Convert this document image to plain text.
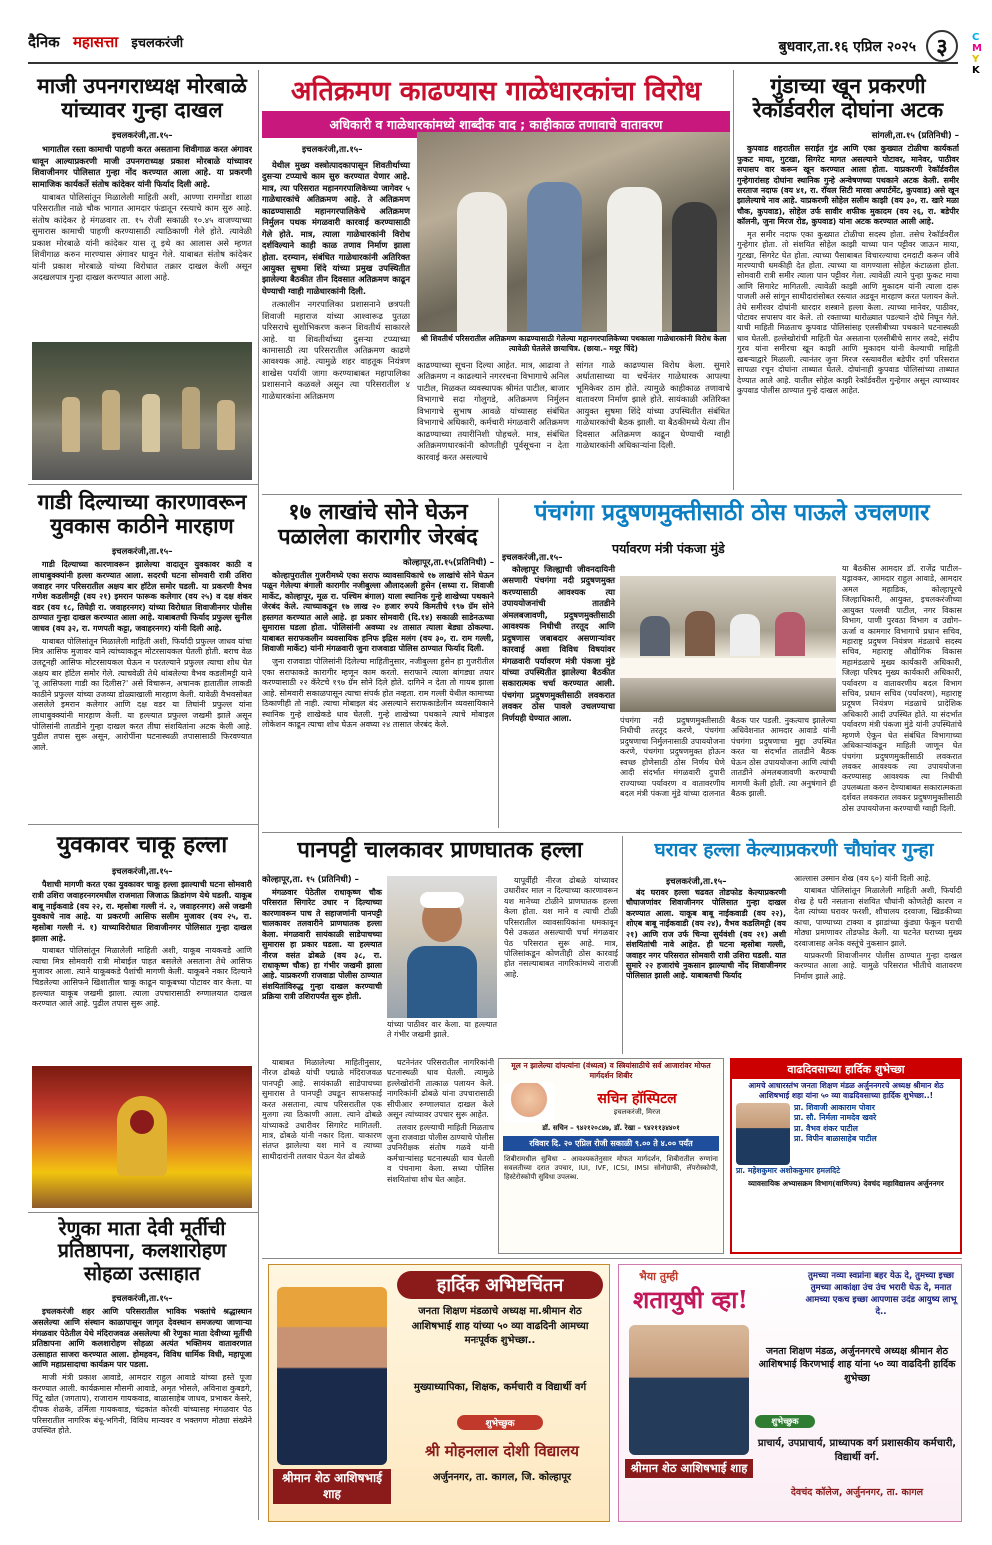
दैनिक महासत्ता इचलकरंजी	बुधवार,ता.१६ एप्रिल २०२५ ३	C
M
Y
K
माजी उपनगराध्यक्ष मोरबाळे यांच्यावर गुन्हा दाखल
इचलकरंजी,ता.१५–

भागातील रस्ता कामाची पाहणी करत असताना शिवीगाळ करत अंगावर धावून आल्याप्रकरणी माजी उपनगराध्यक्ष प्रकाश मोरबाळे यांच्यावर शिवाजीनगर पोलिसात गुन्हा नोंद करण्यात आला आहे. या प्रकरणी सामाजिक कार्यकर्ते संतोष कांदेकर यांनी फिर्याद दिली आहे.

याबाबत पोलिसांतून मिळालेली माहिती अशी, आण्णा रामगोंडा शाळा परिसरातील नाळे चौक भागात आमदार फंडातून रस्त्याचे काम सुरु आहे. संतोष कांदेकर हे मंगळवार ता. १५ रोजी सकाळी १०.४५ वाजण्याच्या सुमारास कामाची पाहणी करण्यासाठी त्याठिकाणी गेले होते. त्यावेळी प्रकाश मोरबाळे यांनी कांदेकर यास तू इथे का आलास असे म्हणत शिवीगाळ करुन मारण्यास अंगावर धावून गेले. याबाबत संतोष कांदेकर यांनी प्रकाश मोरबाळे यांच्या विरोधात तक्रार दाखल केली असून अदखलपात्र गुन्हा दाखल करण्यात आला आहे.

अतिक्रमण काढण्यास गाळेधारकांचा विरोध
अधिकारी व गाळेधारकांमध्ये शाब्दीक वाद ; काहीकाळ तणावाचे वातावरण
इचलकरंजी,ता.१५–

येथील मुख्य वस्त्रोत्पादकापासून शिवतीर्थाच्या दुसऱ्या टप्प्याचे काम सुरु करण्यात येणार आहे. मात्र, त्या परिसरात महानगरपालिकेच्या जागेवर ५ गाळेधारकांचे अतिक्रमण आहे. ते अतिक्रमण काढण्यासाठी महानगरपालिकेचे अतिक्रमण निर्मुलन पथक मंगळवारी कारवाई करण्यासाठी गेले होते. मात्र, त्याला गाळेधारकांनी विरोध दर्शविल्याने काही काळ तणाव निर्माण झाला होता. दरम्यान, संबंधित गाळेधारकांनी अतिरिक्त आयुक्त सुषमा शिंदे यांच्या प्रमुख उपस्थितीत झालेल्या बैठकीत तीन दिवसात अतिक्रमण काढून घेण्याची ग्वाही गाळेधारकांनी दिली.

तत्कालीन नगरपालिका प्रशासनाने छत्रपती शिवाजी महाराज यांच्या आश्वारूढ पुतळा परिसराचे सुशोभिकरण करून शिवतीर्थ साकारले आहे. या शिवतीर्थाच्या दुसऱ्या टप्प्याच्या कामासाठी त्या परिसरातील अतिक्रमण काढणे आवश्यक आहे. त्यामुळे शहर वाहतूक नियंत्रण शाखेस पर्यायी जागा करण्याबाबत महापालिका प्रशासनाने कळवले असून त्या परिसरातील ४ गाळेधारकांना अतिक्रमण

श्री शिवतीर्थ परिसरातील अतिक्रमण काढण्यासाठी गेलेल्या महानगरपालिकेच्या पथकाला गाळेधारकांनी विरोध केला त्यावेळी घेतलेले छायाचित्र. (छाया.– मयूर चिंदे)

काढण्याच्या सूचना दिल्या आहेत. मात्र, आढावा ते अतिक्रमण न काढल्याने नगररचना विभागाचे अनिल पाटील, मिळकत व्यवस्थापक श्रीमंत पाटील, बाजार विभागाचे सदा गोलुगडे, अतिक्रमण निर्मुलन विभागाचे सुभाष आवळे यांच्यासह संबंधित विभागाचे अधिकारी, कर्मचारी मंगळवारी अतिक्रमण काढण्याच्या तयारीनिशी पोहचले. मात्र, संबंधित अतिक्रमणधारकांनी कोणतीही पूर्वसूचना न देता कारवाई करत असल्याचे

सांगत गाळे काढण्यास विरोध केला. सुमारे अर्धातासाच्या या चर्चेनंतर गाळेधारक आपल्या भूमिकेवर ठाम होते. त्यामुळे काहीकाळ तणावाचे वातावरण निर्माण झाले होते. सायंकाळी अतिरिक्त आयुक्त सुषमा शिंदे यांच्या उपस्थितीत संबंधित गाळेधारकांची बैठक झाली. या बैठकीमध्ये येत्या तीन दिवसात अतिक्रमण काढून घेण्याची ग्वाही गाळेधारकांनी अधिकाऱ्यांना दिली.

गुंडाच्या खून प्रकरणी रेकॉर्डवरील दोघांना अटक
सांगली,ता.१५ (प्रतिनिधी) –

कुपवाड शहरातील सराईत गुंड आणि एका कुख्यात टोळीचा कार्यकर्ता फुकट माया, गुटखा, सिगरेट मागत असल्याने पोटावर, मानेवर, पाठीवर सपासप वार करून खून करण्यात आला होता. याप्रकरणी रेकॉर्डवरील गुन्हेगारांसह दोघांना स्थानिक गुन्हे अन्वेषणच्या पथकाने अटक केली. समीर सरताज नदाफ (वय ४१, रा. रॉयल सिटी मारवा अपार्टमेंट, कुपवाड) असे खून झालेल्याचे नाव आहे. याप्रकरणी सोहेल सलीम काझी (वय ३०, रा. खारे मळा चौक, कुपवाड), सोहेल उर्फ सावीर शफीक मुकादम (वय २६, रा. बडेपीर कॉलनी, जुना मिरज रोड, कुपवाड) यांना अटक करण्यात आली आहे.

मृत समीर नदाफ एका कुख्यात टोळीचा सदस्य होता. तसेच रेकॉर्डवरील गुन्हेगार होता. तो संशयित सोहेल काझी याच्या पान पट्टीवर जाऊन माया, गुटखा, सिगरेट घेत होता. त्याच्या पैसाबाबत विचारल्याचा दमदाटी करून जीवे मारण्याची धमकीही देत होता. त्याच्या या वागण्याला सोहेल कंटाळला होता. सोमवारी रात्री समीर त्याला पान पट्टीवर गेला. त्यावेळी त्याने पुन्हा फुकट माया आणि सिगारेट मागितली. त्यावेळी काझी आणि मुकादम यांनी त्याला दारू पाजली असे सांगून साथीदारांसोबत रस्त्यात अडवून मारहाण करत पलायन केले. तेथे समीरवर दोघांनी धारदार शस्त्राने हल्ला केला. त्याच्या मानेवर, पाठीवर, पोटावर सपासप वार केले. तो रक्ताच्या थारोळ्यात पडल्याने दोघे निघून गेले. याची माहिती मिळताच कुपवाड पोलिसांसह एलसीबीच्या पथकाने घटनास्थळी धाव घेतली. हल्लेखोरांची माहिती घेत असताना एलसीबीचे सागर लवटे, संदीप गुरव यांना समीरचा खून काझी आणि मुकादम यांनी केल्याची माहिती खबऱ्याद्वारे मिळाली. त्यानंतर जुना मिरज रस्त्यावरील बडेपीर दर्गा परिसरात सापळा रचून दोघांना ताब्यात घेतले. दोघांनाही कुपवाड पोलिसांच्या ताब्यात देण्यात आले आहे. यातील सोहेल काझी रेकॉर्डवरील गुन्हेगार असून त्याच्यावर कुपवाड पोलीस ठाण्यात गुन्हे दाखल आहेत.

गाडी दिल्याच्या कारणावरून युवकास काठीने मारहाण
इचलकरंजी,ता.१५–

गाडी दिल्याच्या कारणावरून झालेल्या वादातून युवकावर काठी व लाथाबुक्क्यांनी हल्ला करण्यात आला. सदरची घटना सोमवारी रात्री उशिरा जवाहर नगर परिसरातील अक्षय बार हॉटेल समोर घडली. या प्रकरणी वैभव गणेश कडलीमट्टी (वय २१) इमरान फारूक कलेगार (वय २५) व दक्ष शंकर वडर (वय १८, तिघेही रा. जवाहरनगर) यांच्या विरोधात शिवाजीनगर पोलीस ठाण्यात गुन्हा दाखल करण्यात आला आहे. याबाबतची फिर्याद प्रफुल्ल सुनील जाधव (वय ३२, रा. गणपती कट्टा, जवाहरनगर) यांनी दिली आहे.

याबाबत पोलिसांतून मिळालेली माहिती अशी, फिर्यादी प्रफुल्ल जाधव यांचा मित्र आसिफ मुजावर याने त्यांच्याकडून मोटरसायकल घेतली होती. बराच वेळ उलटूनही आसिफ मोटरसायकल घेऊन न परतल्याने प्रफुल्ल त्याचा शोध घेत अक्षय बार हॉटेल समोर गेले. त्याचवेळी तेथे थांबलेल्या वैभव कडलीमट्टी याने 'तू आसिफला गाडी का दिलीस?' असे विचारून, अचानक हातातील लाकडी काठीने प्रफुल्ल यांच्या उजव्या डोळ्याखाली मारहाण केली. यावेळी वैभवसोबत असलेले इमरान कलेगार आणि दक्ष वडर या तिघांनी प्रफुल्ल यांना लाथाबुक्क्यांनी मारहाण केली. या हल्ल्यात प्रफुल्ल जखमी झाले असून पोलिसांनी तातडीने गुन्हा दाखल करत तीघा संशयितांना अटक केली आहे. पुढील तपास सुरू असून, आरोपींना घटनास्थळी तपासासाठी फिरवण्यात आले.

१७ लाखांचे सोने घेऊन पळालेला कारागीर जेरबंद
कोल्हापूर,ता.१५(प्रतिनिधी) –

कोल्हापुरातील गुजरीमध्ये एका सराफ व्यावसायिकाचे १७ लाखांचे सोने घेऊन पळून गेलेल्या बंगाली कारागीर नजीबुल्ला औलादअली हुसेन (सध्या रा. शिवाजी मार्केट, कोल्हापूर, मूळ रा. पश्चिम बंगाल) याला स्थानिक गुन्हे शाखेच्या पथकाने जेरबंद केले. त्याच्याकडून १७ लाख २० हजार रुपये किमतीचे १९७ ग्रॅम सोने हस्तगत करण्यात आले आहे. हा प्रकार सोमवारी (दि.१४) सकाळी साडेनऊच्या सुमारास घडला होता. पोलिसांनी अवघ्या २४ तासात त्याला बेड्या ठोकल्या. याबाबत सराफकलीन व्यवसायिक हनिफ इद्रिस मलंग (वय ३०, रा. राम गल्ली, शिवाजी मार्केट) यांनी मंगळवारी जुना राजवाडा पोलिस ठाण्यात फिर्याद दिली.

जुना राजवाडा पोलिसांनी दिलेल्या माहितीनुसार, नजीबुल्ला हुसेन हा गुजरीतील एका सराफाकडे कारागीर म्हणून काम करतो. सराफाने त्याला बांगड्या तयार करण्यासाठी २२ कॅरेटचे १९७ ग्रॅम सोने दिले होते. दागिने न देता तो गायब झाला आहे. सोमवारी सकाळपासून त्याचा संपर्क होत नव्हता. राम गल्ली येथील कामाच्या ठिकाणीही तो नाही. त्याचा मोबाइल बंद असल्याने सराफकाडेलीन व्यवसायिकाने स्थानिक गुन्हे शाखेकडे धाव घेतली. गुन्हे शाखेच्या पथकाने त्याचे मोबाइल लोकेशन काढून त्याचा शोध घेऊन अवघ्या २४ तासात जेरबंद केले.

पंचगंगा प्रदुषणमुक्तीसाठी ठोस पाऊले उचलणार
पर्यावरण मंत्री पंकजा मुंडे
इचलकरंजी,ता.१५–

कोल्हापूर जिल्ह्याची जीवनदायिनी असणारी पंचगंगा नदी प्रदुषणमुक्त करण्यासाठी आवश्यक त्या उपाययोजनांची तातडीने अंमलबजावणी, प्रदुषणमुक्तीसाठी आवश्यक निधीची तरतूद आणि प्रदुषणास जबाबदार असणाऱ्यांवर कारवाई अशा विविध विषयांवर मंगळवारी पर्यावरण मंत्री पंकजा मुंडे यांच्या उपस्थितीत झालेल्या बैठकीत सकारात्मक चर्चा करण्यात आली. पंचगंगा प्रदुषणमुक्तीसाठी लवकरात लवकर ठोस पावले उचलण्याचा निर्णयही घेण्यात आला.	पंचगंगा नदी प्रदुषणमुक्तीसाठी निधीची तरतूद करणे, पंचगंगा प्रदुषणाचा निर्मुलनासाठी उपाययोजना करणे, पंचगंगा प्रदुषणमुक्त होऊन स्वच्छ होणेसाठी ठोस निर्णय घेणे आदी संदर्भात मंगळवारी दुपारी राज्याच्या पर्यावरण व वातावरणीय बदल मंत्री पंकजा मुंडे यांच्या दालनात बैठक पार पडली. नुकत्याच झालेल्या अधिवेशनात आमदार आवाडे यांनी पंचगंगा प्रदुषणाचा मुद्दा उपस्थित करत या संदर्भात तातडीने बैठक घेऊन ठोस उपाययोजना आणि त्यांची तातडीने अंमलबजावणी करण्याची मागणी केली होती. त्या अनुषंगाने ही बैठक झाली.

या बैठकीस आमदार डॉ. राजेंद्र पाटील–यड्रावकर, आमदार राहुल आवाडे, आमदार अमल महाडिक, कोल्हापूरचे जिल्हाधिकारी, आयुक्त, इचलकरंजीच्या आयुक्त पल्लवी पाटील, नगर विकास विभाग, पाणी पुरवठा विभाग व उद्योग–ऊर्जा व कामगार विभागाचे प्रधान सचिव, महाराष्ट्र प्रदुषण नियंत्रण मंडळाचे सदस्य सचिव, महाराष्ट्र औद्योगिक विकास महामंडळाचे मुख्य कार्यकारी अधिकारी, जिल्हा परिषद मुख्य कार्यकारी अधिकारी, पर्यावरण व वातावरणीय बदल विभाग सचिव, प्रधान सचिव (पर्यावरण), महाराष्ट्र प्रदूषण नियंत्रण मंडळाचे प्रादेशिक अधिकारी आदी उपस्थित होते. या संदर्भात पर्यावरण मंत्री पंकजा मुंडे यांनी उपस्थितांचे म्हणणे ऐकून घेत संबंधित विभागाच्या अधिकाऱ्यांकडून माहिती जाणून घेत पंचगंगा प्रदुषणमुक्तीसाठी लवकरात लवकर आवश्यक त्या उपाययोजना करण्यासह आवश्यक त्या निधीची उपलब्धता करुन देण्याबाबत सकारात्मकता दर्शवत लवकरात लवकर प्रदुषणमुक्तीसाठी ठोस उपाययोजना करण्याची ग्वाही दिली.

युवकावर चाकू हल्ला
इचलकरंजी,ता.१५–

पैशाची मागणी करत एका युवकावर चाकू हल्ला झाल्याची घटना सोमवारी रात्री उशिरा जवाहरनगरमधील राजमाता जिजाऊ क्रिडांगण येथे घडली. याकूब बाबू नाईकवाडे (वय २२, रा. म्हसोबा गल्ली नं. २, जवाहरनगर) असे जखमी युवकाचे नाव आहे. या प्रकरणी आसिफ सलीम मुजावर (वय २५, रा. म्हसोबा गल्ली नं. १) याच्याविरोधात शिवाजीनगर पोलिसात गुन्हा दाखल झाला आहे.

याबाबत पोलिसांतून मिळालेली माहिती अशी, याकूब नायकवडे आणि त्याचा मित्र सोमवारी रात्री मोबाईल पाहत बसलेले असताना तेथे आसिफ मुजावर आला. त्याने याकूबकडे पैशांची मागणी केली. याकूबने नकार दिल्याने चिडलेल्या आसिफने खिशातील चाकू काढून याकूबच्या पोटावर वार केला. या हल्ल्यात याकूब जखमी झाला. त्याला उपचारासाठी रुग्णालयात दाखल करण्यात आले आहे. पुढील तपास सुरू आहे.

रेणुका माता देवी मूर्तीची प्रतिष्ठापना, कलशारोहण सोहळा उत्साहात
इचलकरंजी,ता.१५–

इचलकरंजी शहर आणि परिसरातील भाविक भक्तांचे श्रद्धास्थान असलेल्या आणि संस्थान काळापासून जागृत देवस्थान समजल्या जाणाऱ्या मंगळवार पेठेतील येथे मंदिराजवळ असलेल्या श्री रेणुका माता देवीच्या मूर्तीची प्रतिष्ठापना आणि कलशारोहण सोहळा अत्यंत भक्तिमय वातावरणात उत्साहात साजरा करण्यात आला. होमहवन, विविध धार्मिक विधी, महापूजा आणि महाप्रसादाचा कार्यक्रम पार पडला.

माजी मंत्री प्रकाश आवाडे, आमदार राहुल आवाडे यांच्या हस्ते पूजा करण्यात आली. कार्यक्रमास मौसमी आवाडे, अमृत भोसले, अविनाश कुबडगे, पिंटू खोत (जगताप), राजाराम गायकवाड, बाळासाहेब जाधव, प्रभाकर केसरे, दीपक शेळके, उर्मिला गायकवाड, चंद्रकांत कोरवी यांच्यासह मंगळवार पेठ परिसरातील नागरिक बंधू-भगिनी, विविध मान्यवर व भक्तगण मोठ्या संख्येने उपस्थित होते.

पानपट्टी चालकावर प्राणघातक हल्ला
कोल्हापूर,ता. १५ (प्रतिनिधी) –

मंगळवार पेठेतील राधाकृष्ण चौक परिसरात सिगारेट उधार न दिल्याच्या कारणावरून पाच ते सहाजणांनी पानपट्टी चालकावर तलवारीने प्राणघातक हल्ला केला. मंगळवारी सायंकाळी साडेपाचच्या सुमारास हा प्रकार घडला. या हल्ल्यात नीरज वसंत ढोबळे (वय ३८, रा. राधाकृष्ण चौक) हा गंभीर जखमी झाला आहे. याप्रकरणी राजवाडा पोलीस ठाण्यात संशयितांविरुद्ध गुन्हा दाखल करण्याची प्रक्रिया रात्री उशिरापर्यंत सुरू होती.

यांच्या पाठीवर वार केला. या हल्ल्यात ते गंभीर जखमी झाले.

यापूर्वीही नीरज ढोबळे यांच्यावर उधारीवर माल न दिल्याच्या कारणावरून यश मानेच्या टोळीने प्राणघातक हल्ला केला होता. यश माने व त्याची टोळी परिसरातील व्यावसायिकांना धमकावून पैसे उकळत असल्याची चर्चा मंगळवार पेठ परिसरात सुरू आहे. मात्र, पोलिसांकडून कोणतीही ठोस कारवाई होत नसल्याबाबत नागरिकांमध्ये नाराजी आहे.

याबाबत मिळालेल्या माहितीनुसार, नीरज ढोबळे यांची पद्माळे मंदिराजवळ पानपट्टी आहे. सायंकाळी साडेपाचच्या सुमारास ते पानपट्टी उघडून साफसफाई करत असताना, त्याच परिसरातील एक मुलगा त्या ठिकाणी आला. त्याने ढोबळे यांच्याकडे उधारीवर सिगारेट मागितली. मात्र, ढोबळे यांनी नकार दिला. याकारण संतप्त झालेल्या यश माने व त्याच्या साथीदारांनी तलवार घेऊन येत ढोबळे

घटनेनंतर परिसरातील नागरिकांनी घटनास्थळी धाव घेतली. त्यामुळे हल्लेखोरांनी तात्काळ पलायन केले. नागरिकांनी ढोबळे यांना उपचारासाठी सीपीआर रुग्णालयात दाखल केले असून त्यांच्यावर उपचार सुरू आहेत.

तलवार हल्ल्याची माहिती मिळताच जुना राजवाडा पोलीस ठाण्याचे पोलीस उपनिरीक्षक संतोष गळवे यांनी कर्मचाऱ्यांसह घटनास्थळी धाव घेतली व पंचनामा केला. सध्या पोलिस संशयितांचा शोध घेत आहेत.

घरावर हल्ला केल्याप्रकरणी चौघांवर गुन्हा
इचलकरंजी,ता.१५–

बंद घरावर हल्ला चढवत तोडफोड केल्याप्रकरणी चौघाजणांवर शिवाजीनगर पोलिसात गुन्हा दाखल करण्यात आला. याकूब बाबू नाईकवाडी (वय २२), शोएब बाबू नाईकवाडी (वय २४), वैभव कडलिमट्टी (वय २१) आणि राज उर्फ चिन्या सुर्यवंशी (वय २१) अशी संशयितांची नावे आहेत. ही घटना म्हसोबा गल्ली, जवाहर नगर परिसरात सोमवारी रात्री उशिरा घडली. यात सुमारे २२ हजारांचे नुकसान झाल्याची नोंद शिवाजीनगर पोलिसात झाली आहे. याबाबतची फिर्याद

आल्लास उस्मान शेख (वय ६०) यांनी दिली आहे.

याबाबत पोलिसांतून मिळालेली माहिती अशी, फिर्यादी शेख हे घरी नसताना संशयित चौघांनी कोणतेही कारण न देता त्यांच्या घरावर फरशी, शौचालय दरवाजा, खिडकीच्या काचा, पाण्याच्या टाक्या व झाडांच्या कुंड्या फेकून घराची मोठ्या प्रमाणावर तोडफोड केली. या घटनेत घराच्या मुख्य दरवाजासह अनेक वस्तूंचे नुकसान झाले.

याप्रकरणी शिवाजीनगर पोलीस ठाण्यात गुन्हा दाखल करण्यात आला आहे. यामुळे परिसरात भीतीचे वातावरण निर्माण झाले आहे.

मूल न झालेल्या दांपत्यांना (वंध्यत्व) व स्त्रियांसाठीचे सर्व आजारांवर मोफत मार्गदर्शन शिबीर
सचिन हॉस्पिटल
इचलकरंजी, मिरज
डॉ. सचिन – ९४२१२०८४७, डॉ. रेखा – ९४२११३४४०१
रविवार दि. २० एप्रिल रोजी सकाळी ९.०० ते ४.०० पर्यंत
शिबीरामधील सुविधा – आवश्यकतेनुसार मोफत मार्गदर्शन, शिबीरातील रुग्णांना सवलतीच्या दरात उपचार, IUI, IVF, ICSI, IMSI सोनोग्राफी, लॅपरोस्कोपी, हिस्टेरोस्कोपी सुविधा उपलब्ध.
वाढदिवसाच्या हार्दिक शुभेच्छा
आमचे आधारस्तंभ जनता शिक्षण मंडळ अर्जुननगरचे अध्यक्ष श्रीमान शेठ आशिषभाई शहा यांना ५० व्या वाढदिवसाच्या हार्दिक शुभेच्छा..!
प्रा. शिवाजी आकाराम पोवार
प्रा. सौ. निर्मला नामदेव खवरे
प्रा. वैभव शंकर पाटील
प्रा. विपीन बाळासाहेब पाटील
प्रा. महेशकुमार अशोककुमार हमलदिटे
व्यावसायिक अभ्यासक्रम विभाग(वाणिज्य) देवचंद महाविद्यालय अर्जुननगर
हार्दिक अभिष्टचिंतन
जनता शिक्षण मंडळाचे अध्यक्ष मा.श्रीमान शेठ आशिषभाई शाह यांच्या ५० व्या वाढदिनी आमच्या मनःपूर्वक शुभेच्छा..
मुख्याध्यापिका, शिक्षक, कर्मचारी व विद्यार्थी वर्ग
शुभेच्छुक
श्रीमान शेठ आशिषभाई शाह
श्री मोहनलाल दोशी विद्यालय
अर्जुननगर, ता. कागल, जि. कोल्हापूर
भैया तुम्ही
शतायुषी व्हा!
तुमच्या नव्या स्वप्नांना बहर येऊ दे, तुमच्या इच्छा तुमच्या आकांक्षा उंच उंच भरारी घेऊ दे, मनात आमच्या एकच इच्छा आपणास उदंड आयुष्य लाभू दे..
जनता शिक्षण मंडळ, अर्जुननगरचे अध्यक्ष श्रीमान शेठ आशिषभाई किरणभाई शाह यांना ५० व्या वाढदिनी हार्दिक शुभेच्छा
शुभेच्छुक
श्रीमान शेठ आशिषभाई शाह
प्राचार्य, उपप्राचार्य, प्राध्यापक वर्ग प्रशासकीय कर्मचारी, विद्यार्थी वर्ग.
देवचंद कॉलेज, अर्जुननगर, ता. कागल
